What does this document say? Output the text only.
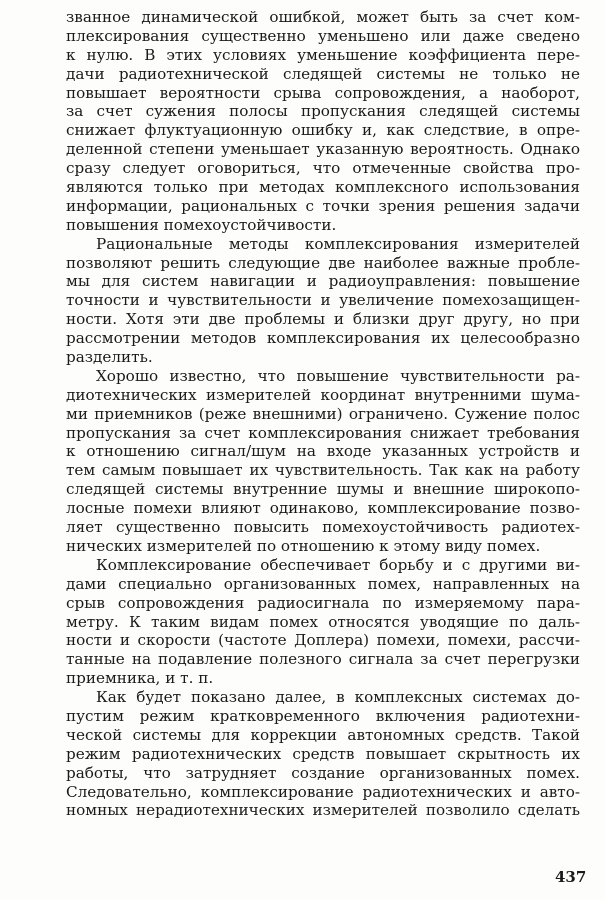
званное динамической ошибкой, может быть за счет ком-
плексирования существенно уменьшено или даже сведено
к нулю. В этих условиях уменьшение коэффициента пере-
дачи радиотехнической следящей системы не только не
повышает вероятности срыва сопровождения, а наоборот,
за счет сужения полосы пропускания следящей системы
снижает флуктуационную ошибку и, как следствие, в опре-
деленной степени уменьшает указанную вероятность. Однако
сразу следует оговориться, что отмеченные свойства про-
являются только при методах комплексного использования
информации, рациональных с точки зрения решения задачи
повышения помехоустойчивости.
Рациональные методы комплексирования измерителей
позволяют решить следующие две наиболее важные пробле-
мы для систем навигации и радиоуправления: повышение
точности и чувствительности и увеличение помехозащищен-
ности. Хотя эти две проблемы и близки друг другу, но при
рассмотрении методов комплексирования их целесообразно
разделить.
Хорошо известно, что повышение чувствительности ра-
диотехнических измерителей координат внутренними шума-
ми приемников (реже внешними) ограничено. Сужение полос
пропускания за счет комплексирования снижает требования
к отношению сигнал/шум на входе указанных устройств и
тем самым повышает их чувствительность. Так как на работу
следящей системы внутренние шумы и внешние широкопо-
лосные помехи влияют одинаково, комплексирование позво-
ляет существенно повысить помехоустойчивость радиотех-
нических измерителей по отношению к этому виду помех.
Комплексирование обеспечивает борьбу и с другими ви-
дами специально организованных помех, направленных на
срыв сопровождения радиосигнала по измеряемому пара-
метру. К таким видам помех относятся уводящие по даль-
ности и скорости (частоте Доплера) помехи, помехи, рассчи-
танные на подавление полезного сигнала за счет перегрузки
приемника, и т. п.
Как будет показано далее, в комплексных системах до-
пустим режим кратковременного включения радиотехни-
ческой системы для коррекции автономных средств. Такой
режим радиотехнических средств повышает скрытность их
работы, что затрудняет создание организованных помех.
Следовательно, комплексирование радиотехнических и авто-
номных нерадиотехнических измерителей позволило сделать
437
